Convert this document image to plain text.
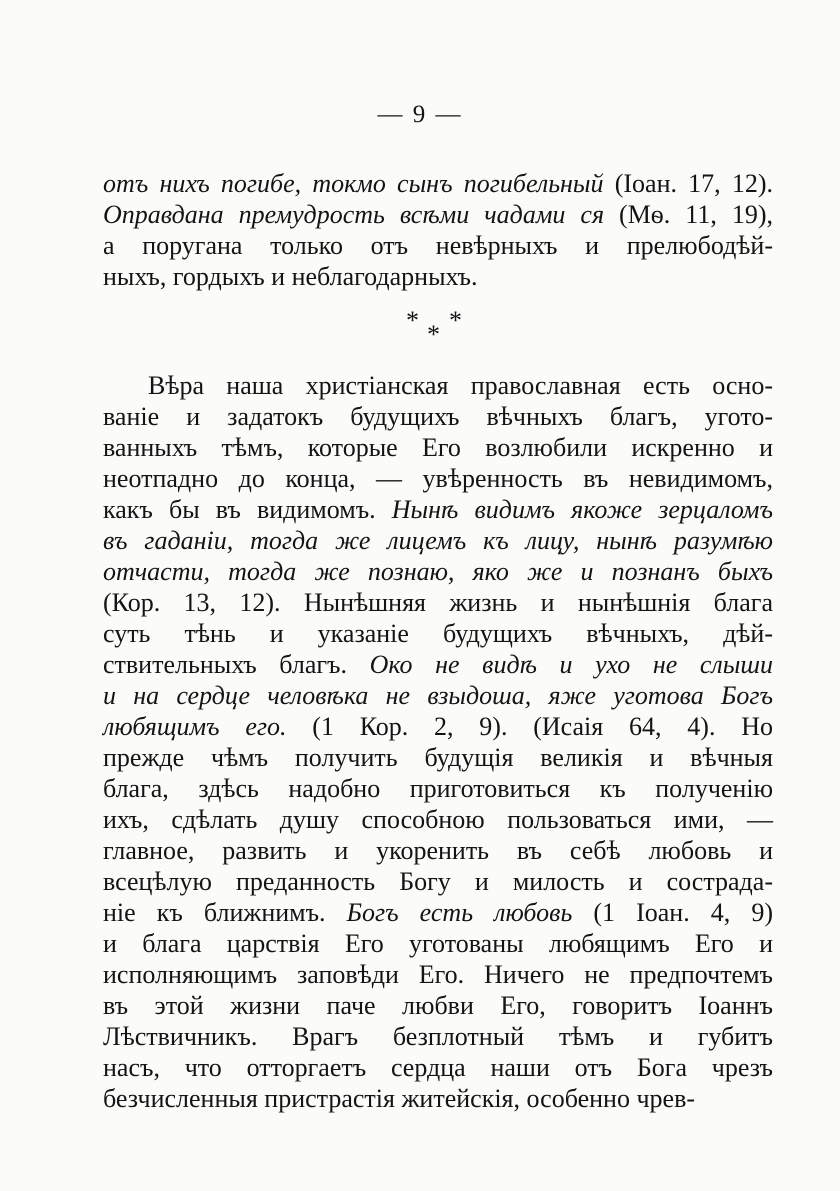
— 9 —
* *
*
отъ нихъ погибе, токмо сынъ погибельный (Іоан. 17, 12).
Оправдана премудрость всѣми чадами ся (Мѳ. 11, 19),
а поругана только отъ невѣрныхъ и прелюбодѣй-
ныхъ, гордыхъ и неблагодарныхъ.
Вѣра наша христіанская православная есть осно-
ваніе и задатокъ будущихъ вѣчныхъ благъ, угото-
ванныхъ тѣмъ, которые Его возлюбили искренно и
неотпадно до конца, — увѣренность въ невидимомъ,
какъ бы въ видимомъ. Нынѣ видимъ якоже зерцаломъ
въ гаданіи, тогда же лицемъ къ лицу, нынѣ разумѣю
отчасти, тогда же познаю, яко же и познанъ быхъ
(Кор. 13, 12). Нынѣшняя жизнь и нынѣшнія блага
суть тѣнь и указаніе будущихъ вѣчныхъ, дѣй-
ствительныхъ благъ. Око не видѣ и ухо не слыши
и на сердце человѣка не взыдоша, яже уготова Богъ
любящимъ его. (1 Кор. 2, 9). (Исаія 64, 4). Но
прежде чѣмъ получить будущія великія и вѣчныя
блага, здѣсь надобно приготовиться къ полученію
ихъ, сдѣлать душу способною пользоваться ими, —
главное, развить и укоренить въ себѣ любовь и
всецѣлую преданность Богу и милость и сострада-
ніе къ ближнимъ. Богъ есть любовь (1 Іоан. 4, 9)
и блага царствія Его уготованы любящимъ Его и
исполняющимъ заповѣди Его. Ничего не предпочтемъ
въ этой жизни паче любви Его, говоритъ Іоаннъ
Лѣствичникъ. Врагъ безплотный тѣмъ и губитъ
насъ, что отторгаетъ сердца наши отъ Бога чрезъ
безчисленныя пристрастія житейскія, особенно чрев-
